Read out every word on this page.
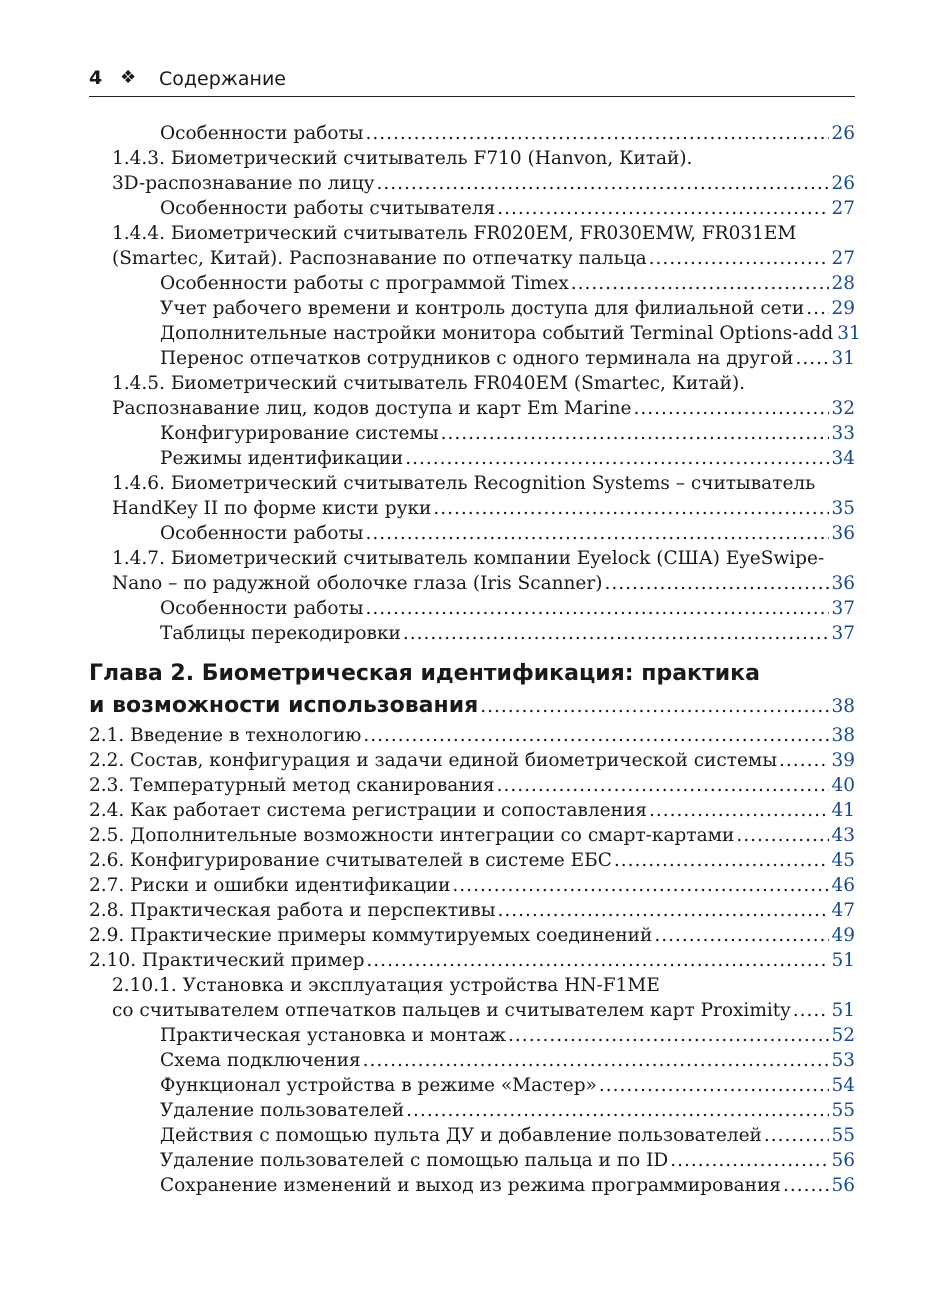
4 ❖ Содержание
Особенности работы .....	26
1.4.3. Биометрический считыватель F710 (Hanvon, Китай).
3D-распознавание по лицу .....	26
Особенности работы считывателя .....	27
1.4.4. Биометрический считыватель FR020EM, FR030EMW, FR031EM
(Smartec, Китай). Распознавание по отпечатку пальца .....	27
Особенности работы с программой Timex .....	28
Учет рабочего времени и контроль доступа для филиальной сети ..... 29
Дополнительные настройки монитора событий Terminal Options-add 31
Перенос отпечатков сотрудников с одного терминала на другой ..... 31
1.4.5. Биометрический считыватель FR040EM (Smartec, Китай).
Распознавание лиц, кодов доступа и карт Em Marine .....	32
Конфигурирование системы .....	33
Режимы идентификации .....	34
1.4.6. Биометрический считыватель Recognition Systems – считыватель
HandKey II по форме кисти руки .....	35
Особенности работы .....	36
1.4.7. Биометрический считыватель компании Eyelock (США) EyeSwipe-
Nano – по радужной оболочке глаза (Iris Scanner) .....	36
Особенности работы .....	37
Таблицы перекодировки .....	37
Глава 2. Биометрическая идентификация: практика
и возможности использования .....	38
2.1. Введение в технологию .....	38
2.2. Состав, конфигурация и задачи единой биометрической системы .....	39
2.3. Температурный метод сканирования .....	40
2.4. Как работает система регистрации и сопоставления .....	41
2.5. Дополнительные возможности интеграции со смарт-картами .....	43
2.6. Конфигурирование считывателей в системе ЕБС .....	45
2.7. Риски и ошибки идентификации .....	46
2.8. Практическая работа и перспективы .....	47
2.9. Практические примеры коммутируемых соединений .....	49
2.10. Практический пример .....	51
2.10.1. Установка и эксплуатация устройства HN-F1ME
со считывателем отпечатков пальцев и считывателем карт Proximity ..... 51
Практическая установка и монтаж .....	52
Схема подключения .....	53
Функционал устройства в режиме «Мастер» .....	54
Удаление пользователей .....	55
Действия с помощью пульта ДУ и добавление пользователей .....	55
Удаление пользователей с помощью пальца и по ID .....	56
Сохранение изменений и выход из режима программирования .....	56
